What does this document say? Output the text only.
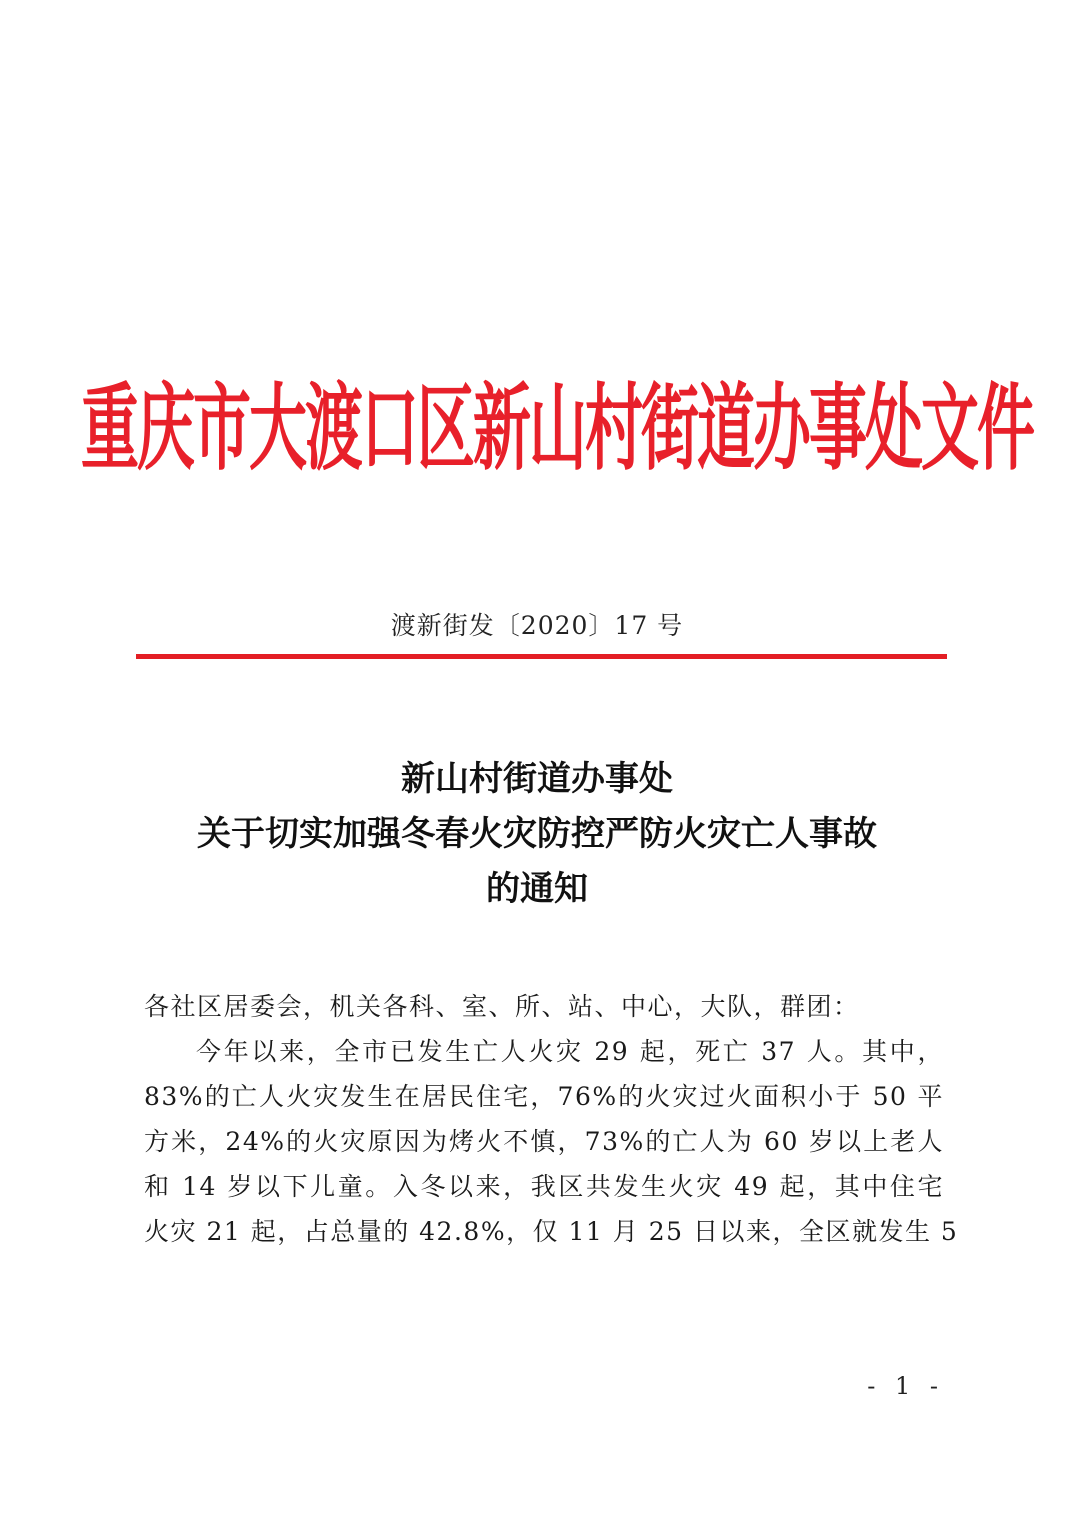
重庆市大渡口区新山村街道办事处文件
渡新街发〔2020〕17 号
新山村街道办事处
关于切实加强冬春火灾防控严防火灾亡人事故
的通知
各社区居委会，机关各科、室、所、站、中心，大队，群团：
今年以来，全市已发生亡人火灾 29 起，死亡 37 人。其中，
83%的亡人火灾发生在居民住宅，76%的火灾过火面积小于 50 平
方米，24%的火灾原因为烤火不慎，73%的亡人为 60 岁以上老人
和 14 岁以下儿童。入冬以来，我区共发生火灾 49 起，其中住宅
火灾 21 起，占总量的 42.8%，仅 11 月 25 日以来，全区就发生 5
- 1 -
